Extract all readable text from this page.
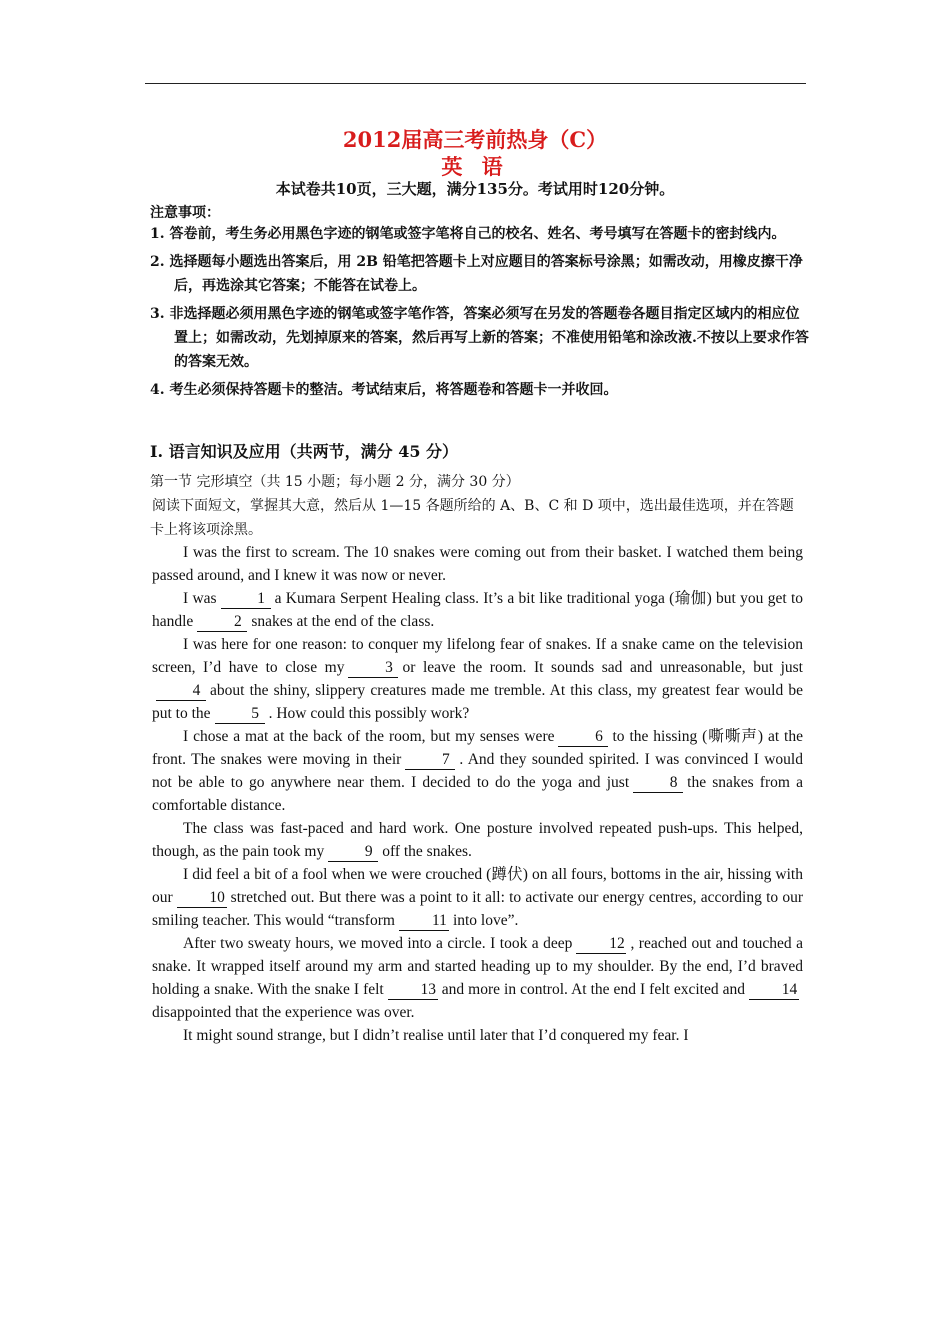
2012届高三考前热身（C）
英 语
本试卷共10页，三大题，满分135分。考试用时120分钟。
注意事项：
1. 答卷前，考生务必用黑色字迹的钢笔或签字笔将自己的校名、姓名、考号填写在答题卡的密封线内。
2. 选择题每小题选出答案后，用 2B 铅笔把答题卡上对应题目的答案标号涂黑；如需改动，用橡皮擦干净后，再选涂其它答案；不能答在试卷上。
3. 非选择题必须用黑色字迹的钢笔或签字笔作答，答案必须写在另发的答题卷各题目指定区域内的相应位置上；如需改动，先划掉原来的答案，然后再写上新的答案；不准使用铅笔和涂改液.不按以上要求作答的答案无效。
4. 考生必须保持答题卡的整洁。考试结束后，将答题卷和答题卡一并收回。
I. 语言知识及应用（共两节，满分 45 分）
第一节 完形填空（共 15 小题；每小题 2 分，满分 30 分）
阅读下面短文，掌握其大意，然后从 1—15 各题所给的 A、B、C 和 D 项中，选出最佳选项，并在答题卡上将该项涂黑。

I was the first to scream. The 10 snakes were coming out from their basket. I watched them being passed around, and I knew it was now or never.

I was	1 a Kumara Serpent Healing class. It’s a bit like traditional yoga (瑜伽) but you get to handle	2 snakes at the end of the class.

I was here for one reason: to conquer my lifelong fear of snakes. If a snake came on the television screen, I’d have to close my	3 or leave the room. It sounds sad and unreasonable, but just4 about the shiny, slippery creatures made me tremble. At this class, my greatest fear would be put to the	5 . How could this possibly work?

I chose a mat at the back of the room, but my senses were	6 to the hissing (嘶嘶声) at the front. The snakes were moving in their	7 . And they sounded spirited. I was convinced I would not be able to go anywhere near them. I decided to do the yoga and just	8 the snakes from a comfortable distance.

The class was fast-paced and hard work. One posture involved repeated push-ups. This helped, though, as the pain took my	9 off the snakes.

I did feel a bit of a fool when we were crouched (蹲伏) on all fours, bottoms in the air, hissing with our 10 stretched out. But there was a point to it all: to activate our energy centres, according to our smiling teacher. This would “transform 11 into love”.

After two sweaty hours, we moved into a circle. I took a deep 12 , reached out and touched a snake. It wrapped itself around my arm and started heading up to my shoulder. By the end, I’d braved holding a snake. With the snake I felt 13 and more in control. At the end I felt excited and 14disappointed that the experience was over.

It might sound strange, but I didn’t realise until later that I’d conquered my fear. I
